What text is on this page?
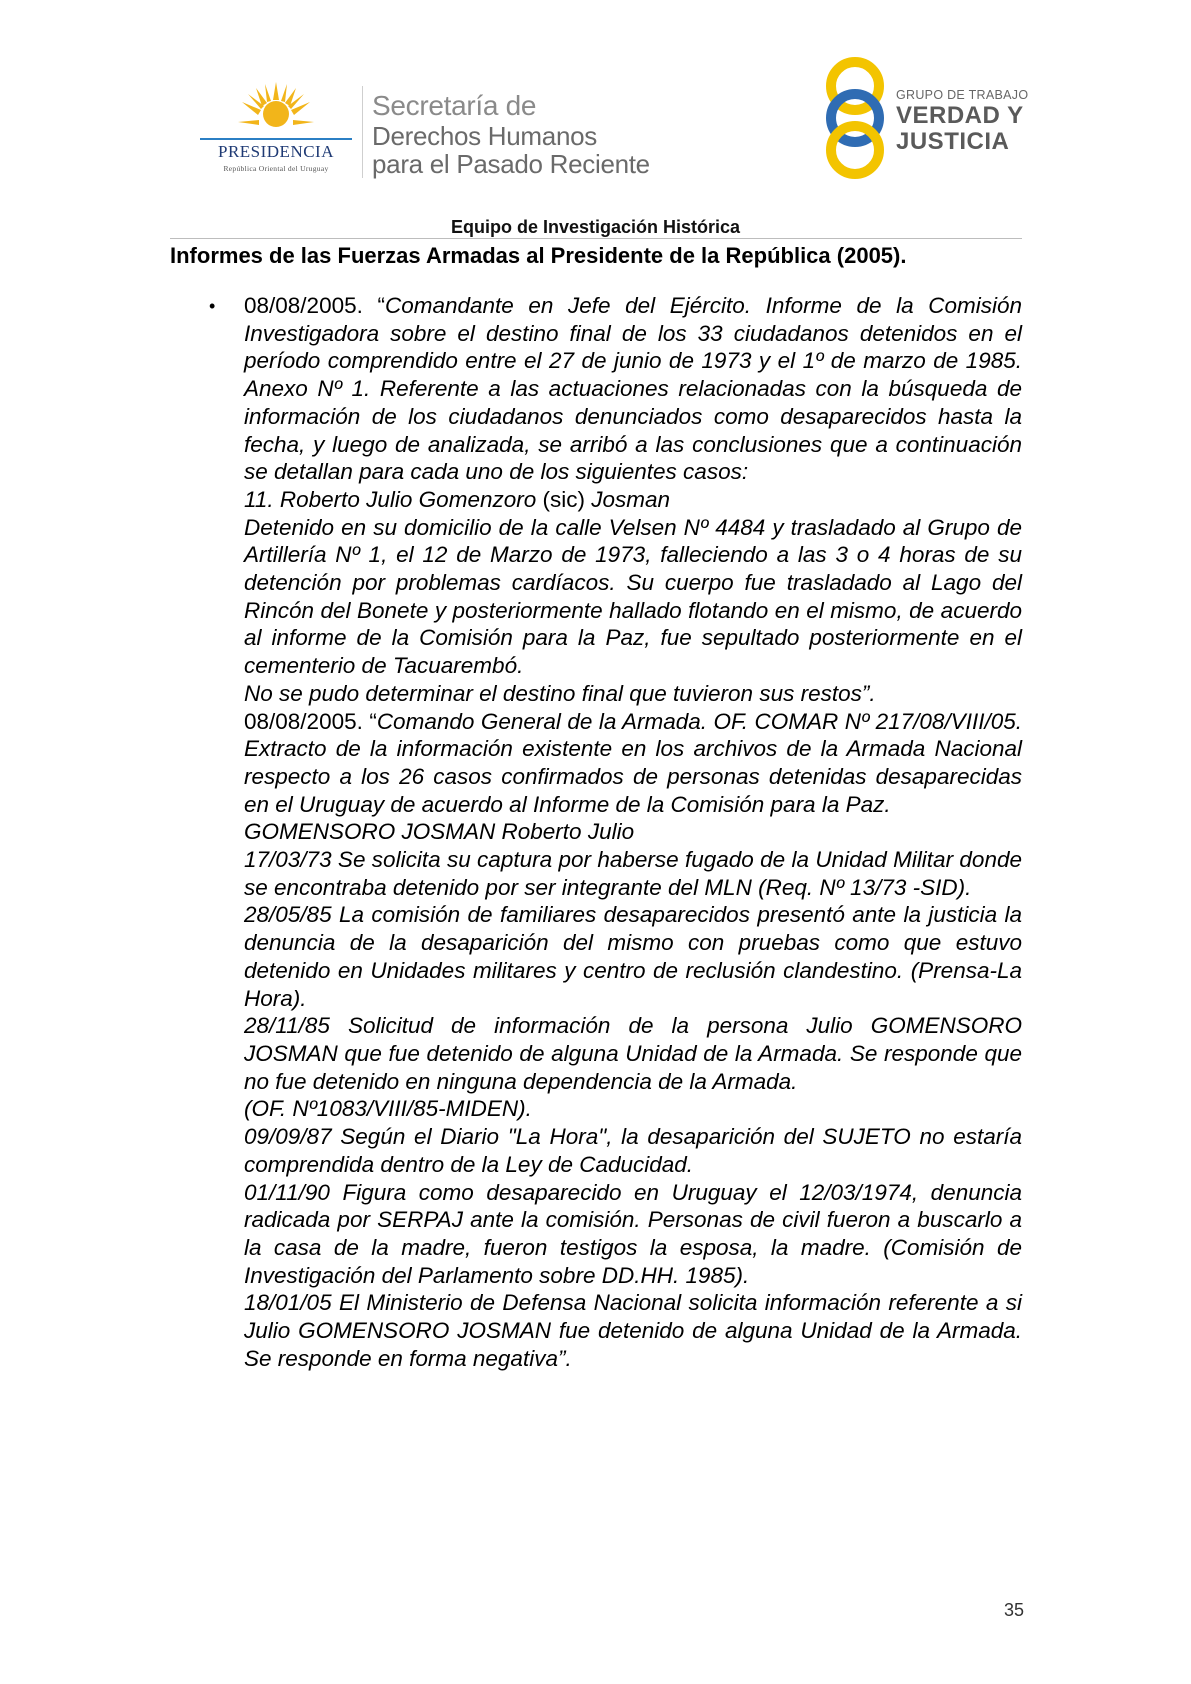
PRESIDENCIA
República Oriental del Uruguay
Secretaría de
Derechos Humanos
para el Pasado Reciente
GRUPO DE TRABAJO
VERDAD Y
JUSTICIA
Equipo de Investigación Histórica
Informes de las Fuerzas Armadas al Presidente de la República (2005).
• 08/08/2005. “Comandante en Jefe del Ejército. Informe de la Comisión Investigadora sobre el destino final de los 33 ciudadanos detenidos en el período comprendido entre el 27 de junio de 1973 y el 1º de marzo de 1985.

Anexo Nº 1. Referente a las actuaciones relacionadas con la búsqueda de información de los ciudadanos denunciados como desaparecidos hasta la fecha, y luego de analizada, se arribó a las conclusiones que a continuación se detallan para cada uno de los siguientes casos:

11. Roberto Julio Gomenzoro (sic) Josman

Detenido en su domicilio de la calle Velsen Nº 4484 y trasladado al Grupo de Artillería Nº 1, el 12 de Marzo de 1973, falleciendo a las 3 o 4 horas de su detención por problemas cardíacos. Su cuerpo fue trasladado al Lago del Rincón del Bonete y posteriormente hallado flotando en el mismo, de acuerdo al informe de la Comisión para la Paz, fue sepultado posteriormente en el cementerio de Tacuarembó.

No se pudo determinar el destino final que tuvieron sus restos”.

08/08/2005. “Comando General de la Armada. OF. COMAR Nº 217/08/VIII/05. Extracto de la información existente en los archivos de la Armada Nacional respecto a los 26 casos confirmados de personas detenidas desaparecidas en el Uruguay de acuerdo al Informe de la Comisión para la Paz.

GOMENSORO JOSMAN Roberto Julio

17/03/73 Se solicita su captura por haberse fugado de la Unidad Militar donde se encontraba detenido por ser integrante del MLN (Req. Nº 13/73 -SID).

28/05/85 La comisión de familiares desaparecidos presentó ante la justicia la denuncia de la desaparición del mismo con pruebas como que estuvo detenido en Unidades militares y centro de reclusión clandestino. (Prensa-La Hora).

28/11/85 Solicitud de información de la persona Julio GOMENSORO JOSMAN que fue detenido de alguna Unidad de la Armada. Se responde que no fue detenido en ninguna dependencia de la Armada.

(OF. Nº1083/VIII/85-MIDEN).

09/09/87 Según el Diario "La Hora", la desaparición del SUJETO no estaría comprendida dentro de la Ley de Caducidad.

01/11/90 Figura como desaparecido en Uruguay el 12/03/1974, denuncia radicada por SERPAJ ante la comisión. Personas de civil fueron a buscarlo a la casa de la madre, fueron testigos la esposa, la madre. (Comisión de Investigación del Parlamento sobre DD.HH. 1985).

18/01/05 El Ministerio de Defensa Nacional solicita información referente a si Julio GOMENSORO JOSMAN fue detenido de alguna Unidad de la Armada. Se responde en forma negativa”.

35
